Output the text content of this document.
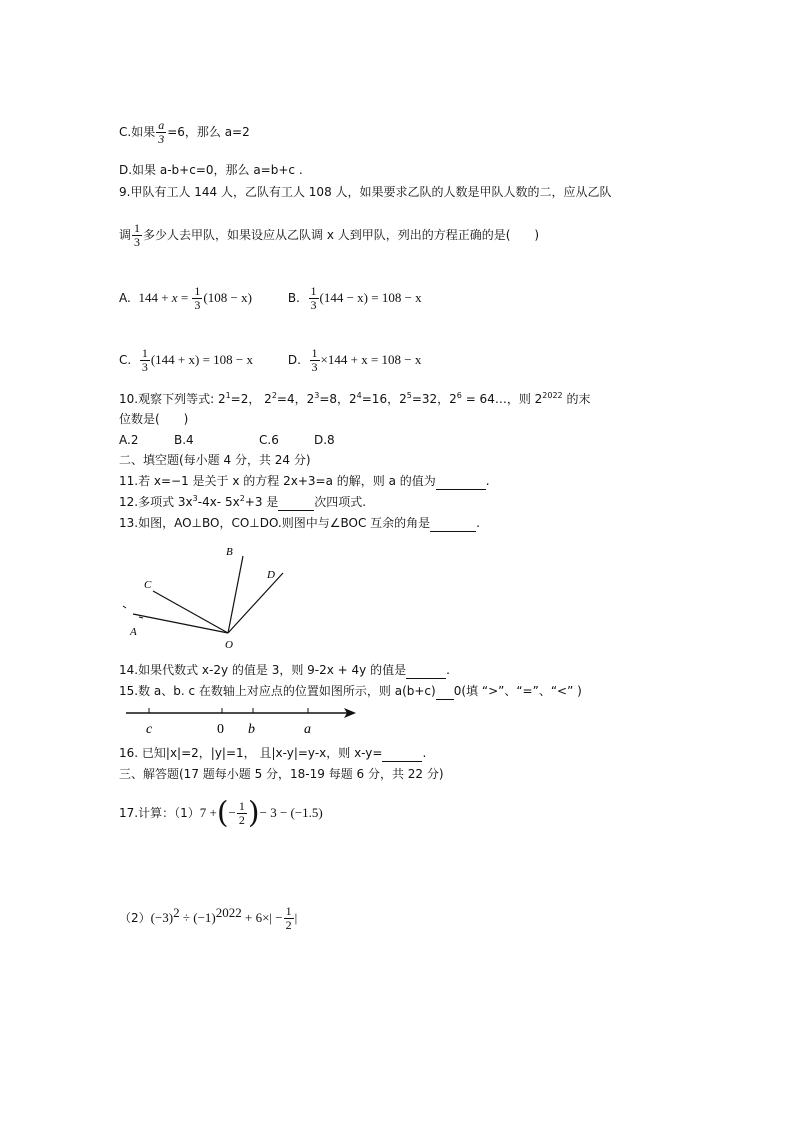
C.如果 $\frac{a}{3} =6$，那么 a=2
D.如果 a-b+c=0，那么 a=b+c .
9.甲队有工人 144 人，乙队有工人 108 人，如果要求乙队的人数是甲队人数的二，应从乙队
调 $\frac{1}{3}$ 多少人去甲队，如果设应从乙队调 x 人到甲队，列出的方程正确的是(　　)
A. $144 + x = \frac{1}{3} (108 - x)$	B. $\frac{1}{3} (144 - x) = 108 - x$
C. $\frac{1}{3} (144 + x) = 108 - x$	D. $\frac{1}{3} \times 144 + x = 108 - x$
10.观察下列等式: $2^1=2$， $2^2=4$，$2^3=8$，$2^4=16$，$2^5=32$，$2^6$ = 64…，则 $2^{2022}$ 的末
位数是(　　)
A.2	B.4	C.6	D.8
二、填空题(每小题 4 分，共 24 分)
11.若 x=−1 是关于 x 的方程 2x+3=a 的解，则 a 的值为	.
12.多项式 $3x^3-4x-$ $5x^2+3$ 是	次四项式.
13.如图，AO⊥BO，CO⊥DO.则图中与∠BOC 互余的角是	.
B
D
C
A
O
14.如果代数式 x-2y 的值是 3，则 9-2x + 4y 的值是	.
15.数 a、b. c 在数轴上对应点的位置如图所示，则 a(b+c) 0(填 “>”、“=”、“<” )
c	0 b	a
16. 已知|x|=2，|y|=1， 且|x-y|=y-x，则 x-y=	.
三、解答题(17 题每小题 5 分，18-19 每题 6 分，共 22 分)
17.计算：（1）7 +(− $\frac{1}{2}$ )− 3 − (−1.5)
$(2)(-3)^2 \div (-1)^{2022} + 6\times| - \frac{1}{2}$ |
